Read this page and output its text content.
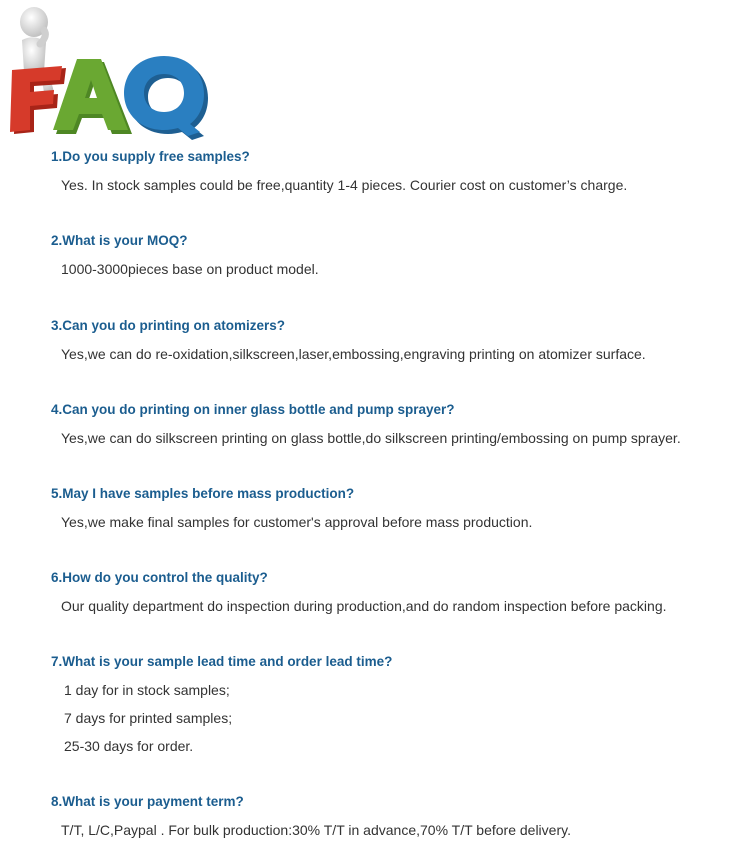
1.Do you supply free samples?

Yes. In stock samples could be free,quantity 1-4 pieces. Courier cost on customer’s charge.

2.What is your MOQ?

1000-3000pieces base on product model.

3.Can you do printing on atomizers?

Yes,we can do re-oxidation,silkscreen,laser,embossing,engraving printing on atomizer surface.

4.Can you do printing on inner glass bottle and pump sprayer?

Yes,we can do silkscreen printing on glass bottle,do silkscreen printing/embossing on pump sprayer.

5.May I have samples before mass production?

Yes,we make final samples for customer's approval before mass production.

6.How do you control the quality?

Our quality department do inspection during production,and do random inspection before packing.

7.What is your sample lead time and order lead time?

1 day for in stock samples;

7 days for printed samples;

25-30 days for order.

8.What is your payment term?

T/T, L/C,Paypal . For bulk production:30% T/T in advance,70% T/T before delivery.
